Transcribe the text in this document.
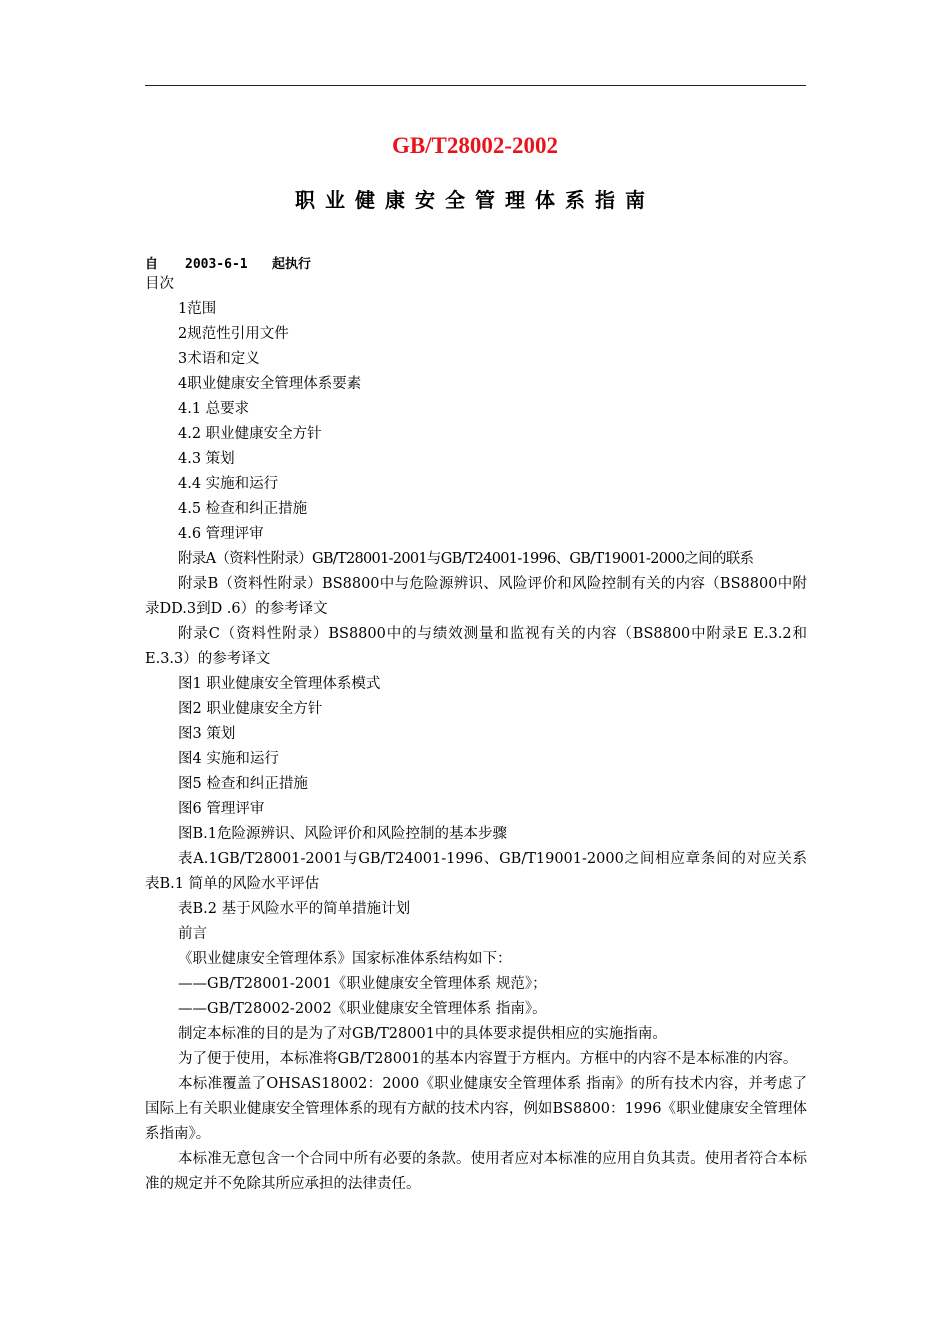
GB/T28002-2002
职业健康安全管理体系指南
自 2003-6-1 起执行

目次

1范围

2规范性引用文件

3术语和定义

4职业健康安全管理体系要素

4.1 总要求

4.2 职业健康安全方针

4.3 策划

4.4 实施和运行

4.5 检查和纠正措施

4.6 管理评审

附录A（资料性附录）GB/T28001-2001与GB/T24001-1996、GB/T19001-2000之间的联系

附录B（资料性附录）BS8800中与危险源辨识、风险评价和风险控制有关的内容（BS8800中附录DD.3到D .6）的参考译文

附录C（资料性附录）BS8800中的与绩效测量和监视有关的内容（BS8800中附录E E.3.2和E.3.3）的参考译文

图1 职业健康安全管理体系模式

图2 职业健康安全方针

图3 策划

图4 实施和运行

图5 检查和纠正措施

图6 管理评审

图B.1危险源辨识、风险评价和风险控制的基本步骤

表A.1GB/T28001-2001与GB/T24001-1996、GB/T19001-2000之间相应章条间的对应关系表B.1 简单的风险水平评估

表B.2 基于风险水平的简单措施计划

前言

《职业健康安全管理体系》国家标准体系结构如下：

——GB/T28001-2001《职业健康安全管理体系 规范》；

——GB/T28002-2002《职业健康安全管理体系 指南》。

制定本标准的目的是为了对GB/T28001中的具体要求提供相应的实施指南。

为了便于使用，本标准将GB/T28001的基本内容置于方框内。方框中的内容不是本标准的内容。

本标准覆盖了OHSAS18002：2000《职业健康安全管理体系 指南》的所有技术内容，并考虑了国际上有关职业健康安全管理体系的现有方献的技术内容，例如BS8800：1996《职业健康安全管理体系指南》。

本标准无意包含一个合同中所有必要的条款。使用者应对本标准的应用自负其责。使用者符合本标准的规定并不免除其所应承担的法律责任。
